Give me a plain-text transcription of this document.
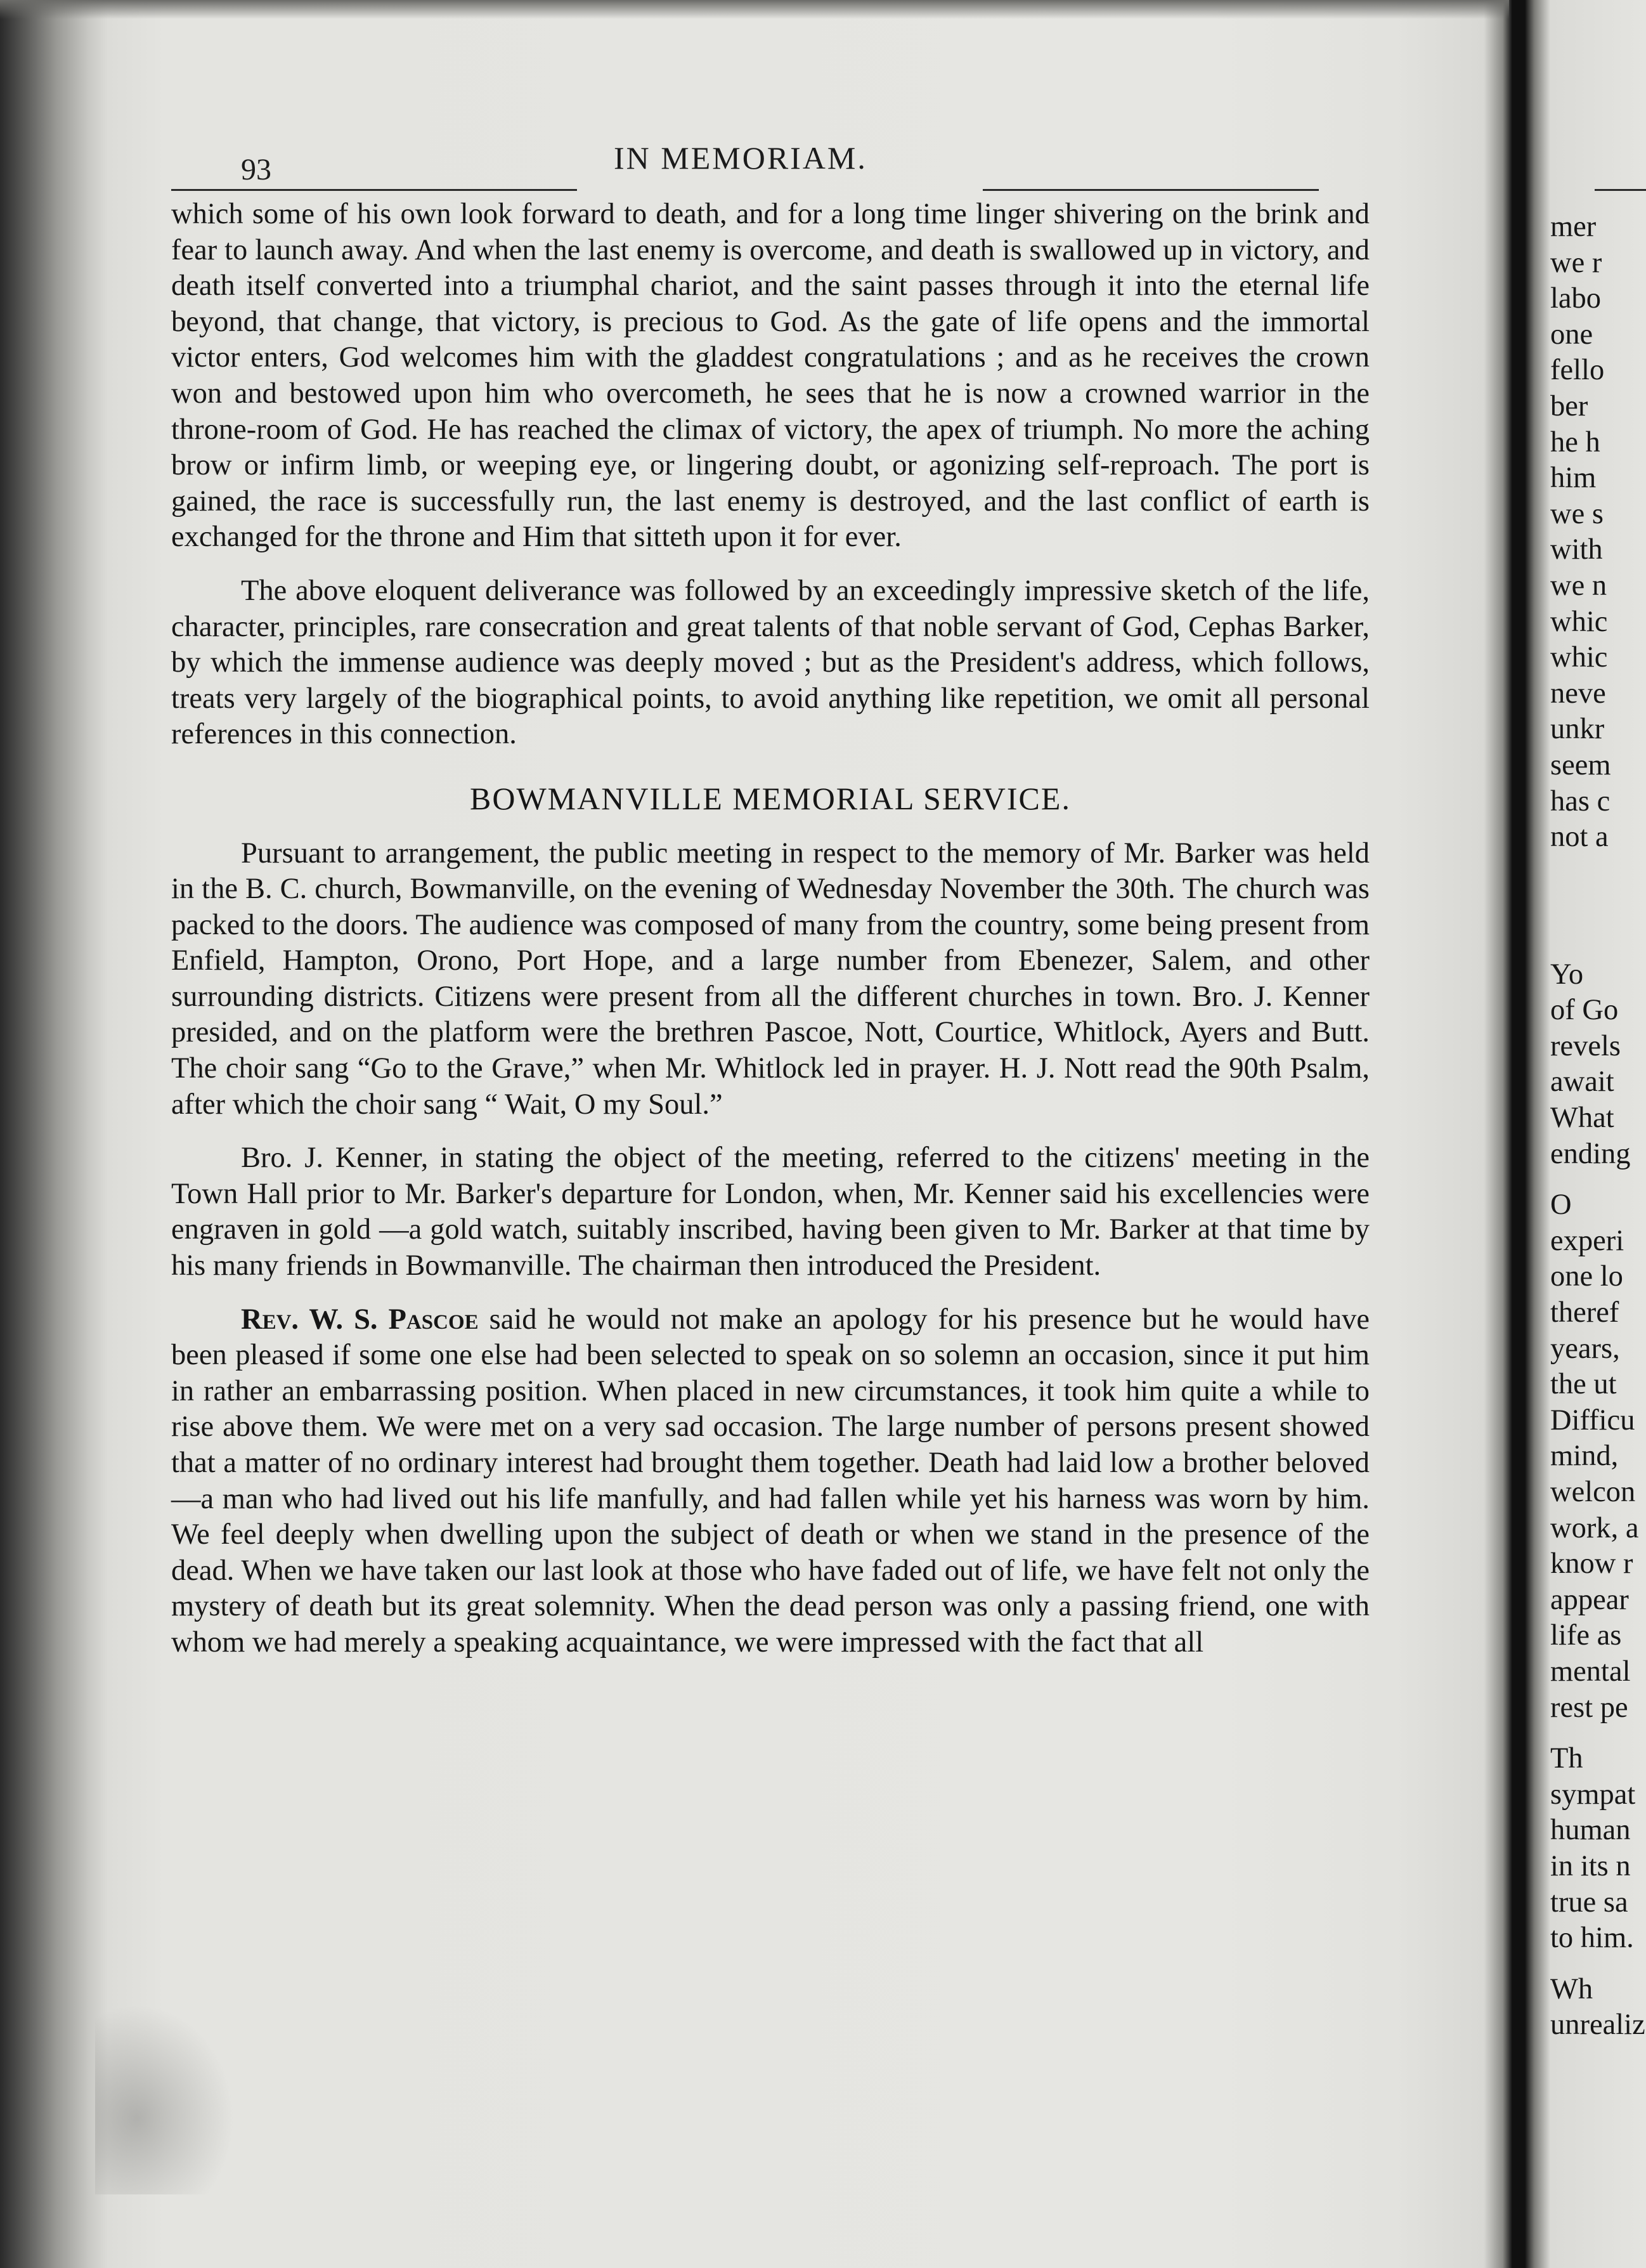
93	IN MEMORIAM.

which some of his own look forward to death, and for a long time linger shivering on the brink and fear to launch away. And when the last enemy is overcome, and death is swallowed up in victory, and death itself converted into a triumphal chariot, and the saint passes through it into the eternal life beyond, that change, that victory, is precious to God. As the gate of life opens and the immortal victor enters, God welcomes him with the gladdest congratulations ; and as he receives the crown won and bestowed upon him who overcometh, he sees that he is now a crowned warrior in the throne-room of God. He has reached the climax of victory, the apex of triumph. No more the aching brow or infirm limb, or weeping eye, or lingering doubt, or agonizing self-reproach. The port is gained, the race is successfully run, the last enemy is destroyed, and the last conflict of earth is exchanged for the throne and Him that sitteth upon it for ever.

The above eloquent deliverance was followed by an exceedingly impressive sketch of the life, character, principles, rare consecration and great talents of that noble servant of God, Cephas Barker, by which the immense audience was deeply moved ; but as the President's address, which follows, treats very largely of the biographical points, to avoid anything like repetition, we omit all personal references in this connection.

BOWMANVILLE MEMORIAL SERVICE.

Pursuant to arrangement, the public meeting in respect to the memory of Mr. Barker was held in the B. C. church, Bowmanville, on the evening of Wednesday November the 30th. The church was packed to the doors. The audience was composed of many from the country, some being present from Enfield, Hampton, Orono, Port Hope, and a large number from Ebenezer, Salem, and other surrounding districts. Citizens were present from all the different churches in town. Bro. J. Kenner presided, and on the platform were the brethren Pascoe, Nott, Courtice, Whitlock, Ayers and Butt. The choir sang “Go to the Grave,” when Mr. Whitlock led in prayer. H. J. Nott read the 90th Psalm, after which the choir sang “ Wait, O my Soul.”

Bro. J. Kenner, in stating the object of the meeting, referred to the citizens' meeting in the Town Hall prior to Mr. Barker's departure for London, when, Mr. Kenner said his excellencies were engraven in gold —a gold watch, suitably inscribed, having been given to Mr. Barker at that time by his many friends in Bowmanville. The chairman then introduced the President.

Rev. W. S. Pascoe said he would not make an apology for his presence but he would have been pleased if some one else had been selected to speak on so solemn an occasion, since it put him in rather an embarrassing position. When placed in new circumstances, it took him quite a while to rise above them. We were met on a very sad occasion. The large number of persons present showed that a matter of no ordinary interest had brought them together. Death had laid low a brother beloved—a man who had lived out his life manfully, and had fallen while yet his harness was worn by him. We feel deeply when dwelling upon the subject of death or when we stand in the presence of the dead. When we have taken our last look at those who have faded out of life, we have felt not only the mystery of death but its great solemnity. When the dead person was only a passing friend, one with whom we had merely a speaking acquaintance, we were impressed with the fact that all

mer
we r
labo
one
fello
ber
he h
him
we s
with
we n
whic
whic
neve
unkr
seem
has c
not a
Yo
of Go
revels
await
What
ending
O
experi
one lo
theref
years,
the ut
Difficu
mind,
welcon
work, a
know r
appear
life as
mental
rest pe
Th
sympat
human
in its n
true sa
to him.
Wh
unrealiz
